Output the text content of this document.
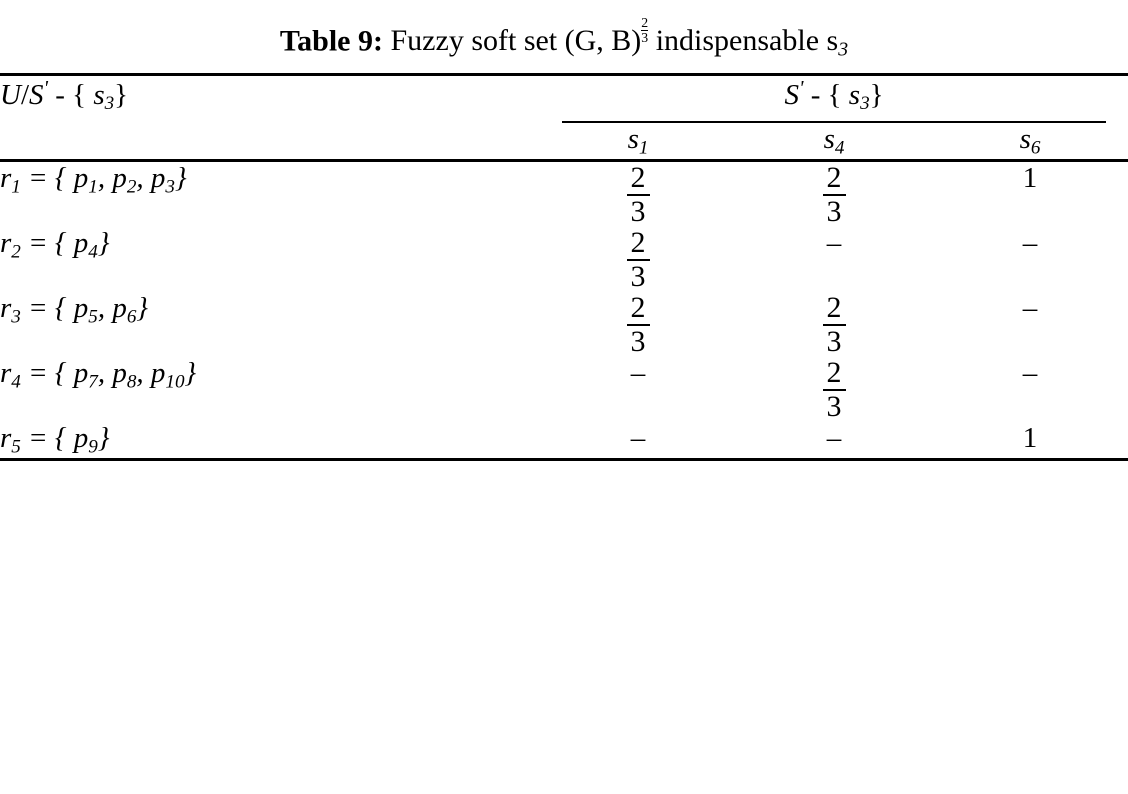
Table 9: Fuzzy soft set (G, $B) \frac{2}{3}$ indispensable $s_3$
U/S' - { $s_3$}	S' - { $s_3$}		

	$s_1$	$s_4$	$s_6$
$r_1$ = { $p_1$, $p_2$, $p_3$}	$\frac{2}{3}$	$\frac{2}{3}$	1
$r_2$ = { $p_4$}	$\frac{2}{3}$	–	–
$r_3$ = { $p_5$, $p_6$}	$\frac{2}{3}$	$\frac{2}{3}$	–
$r_4$ = { $p_7$, $p_8$, $p_{10}$}	–	$\frac{2}{3}$	–
$r_5$ = { $p_9$}	–	–	1
